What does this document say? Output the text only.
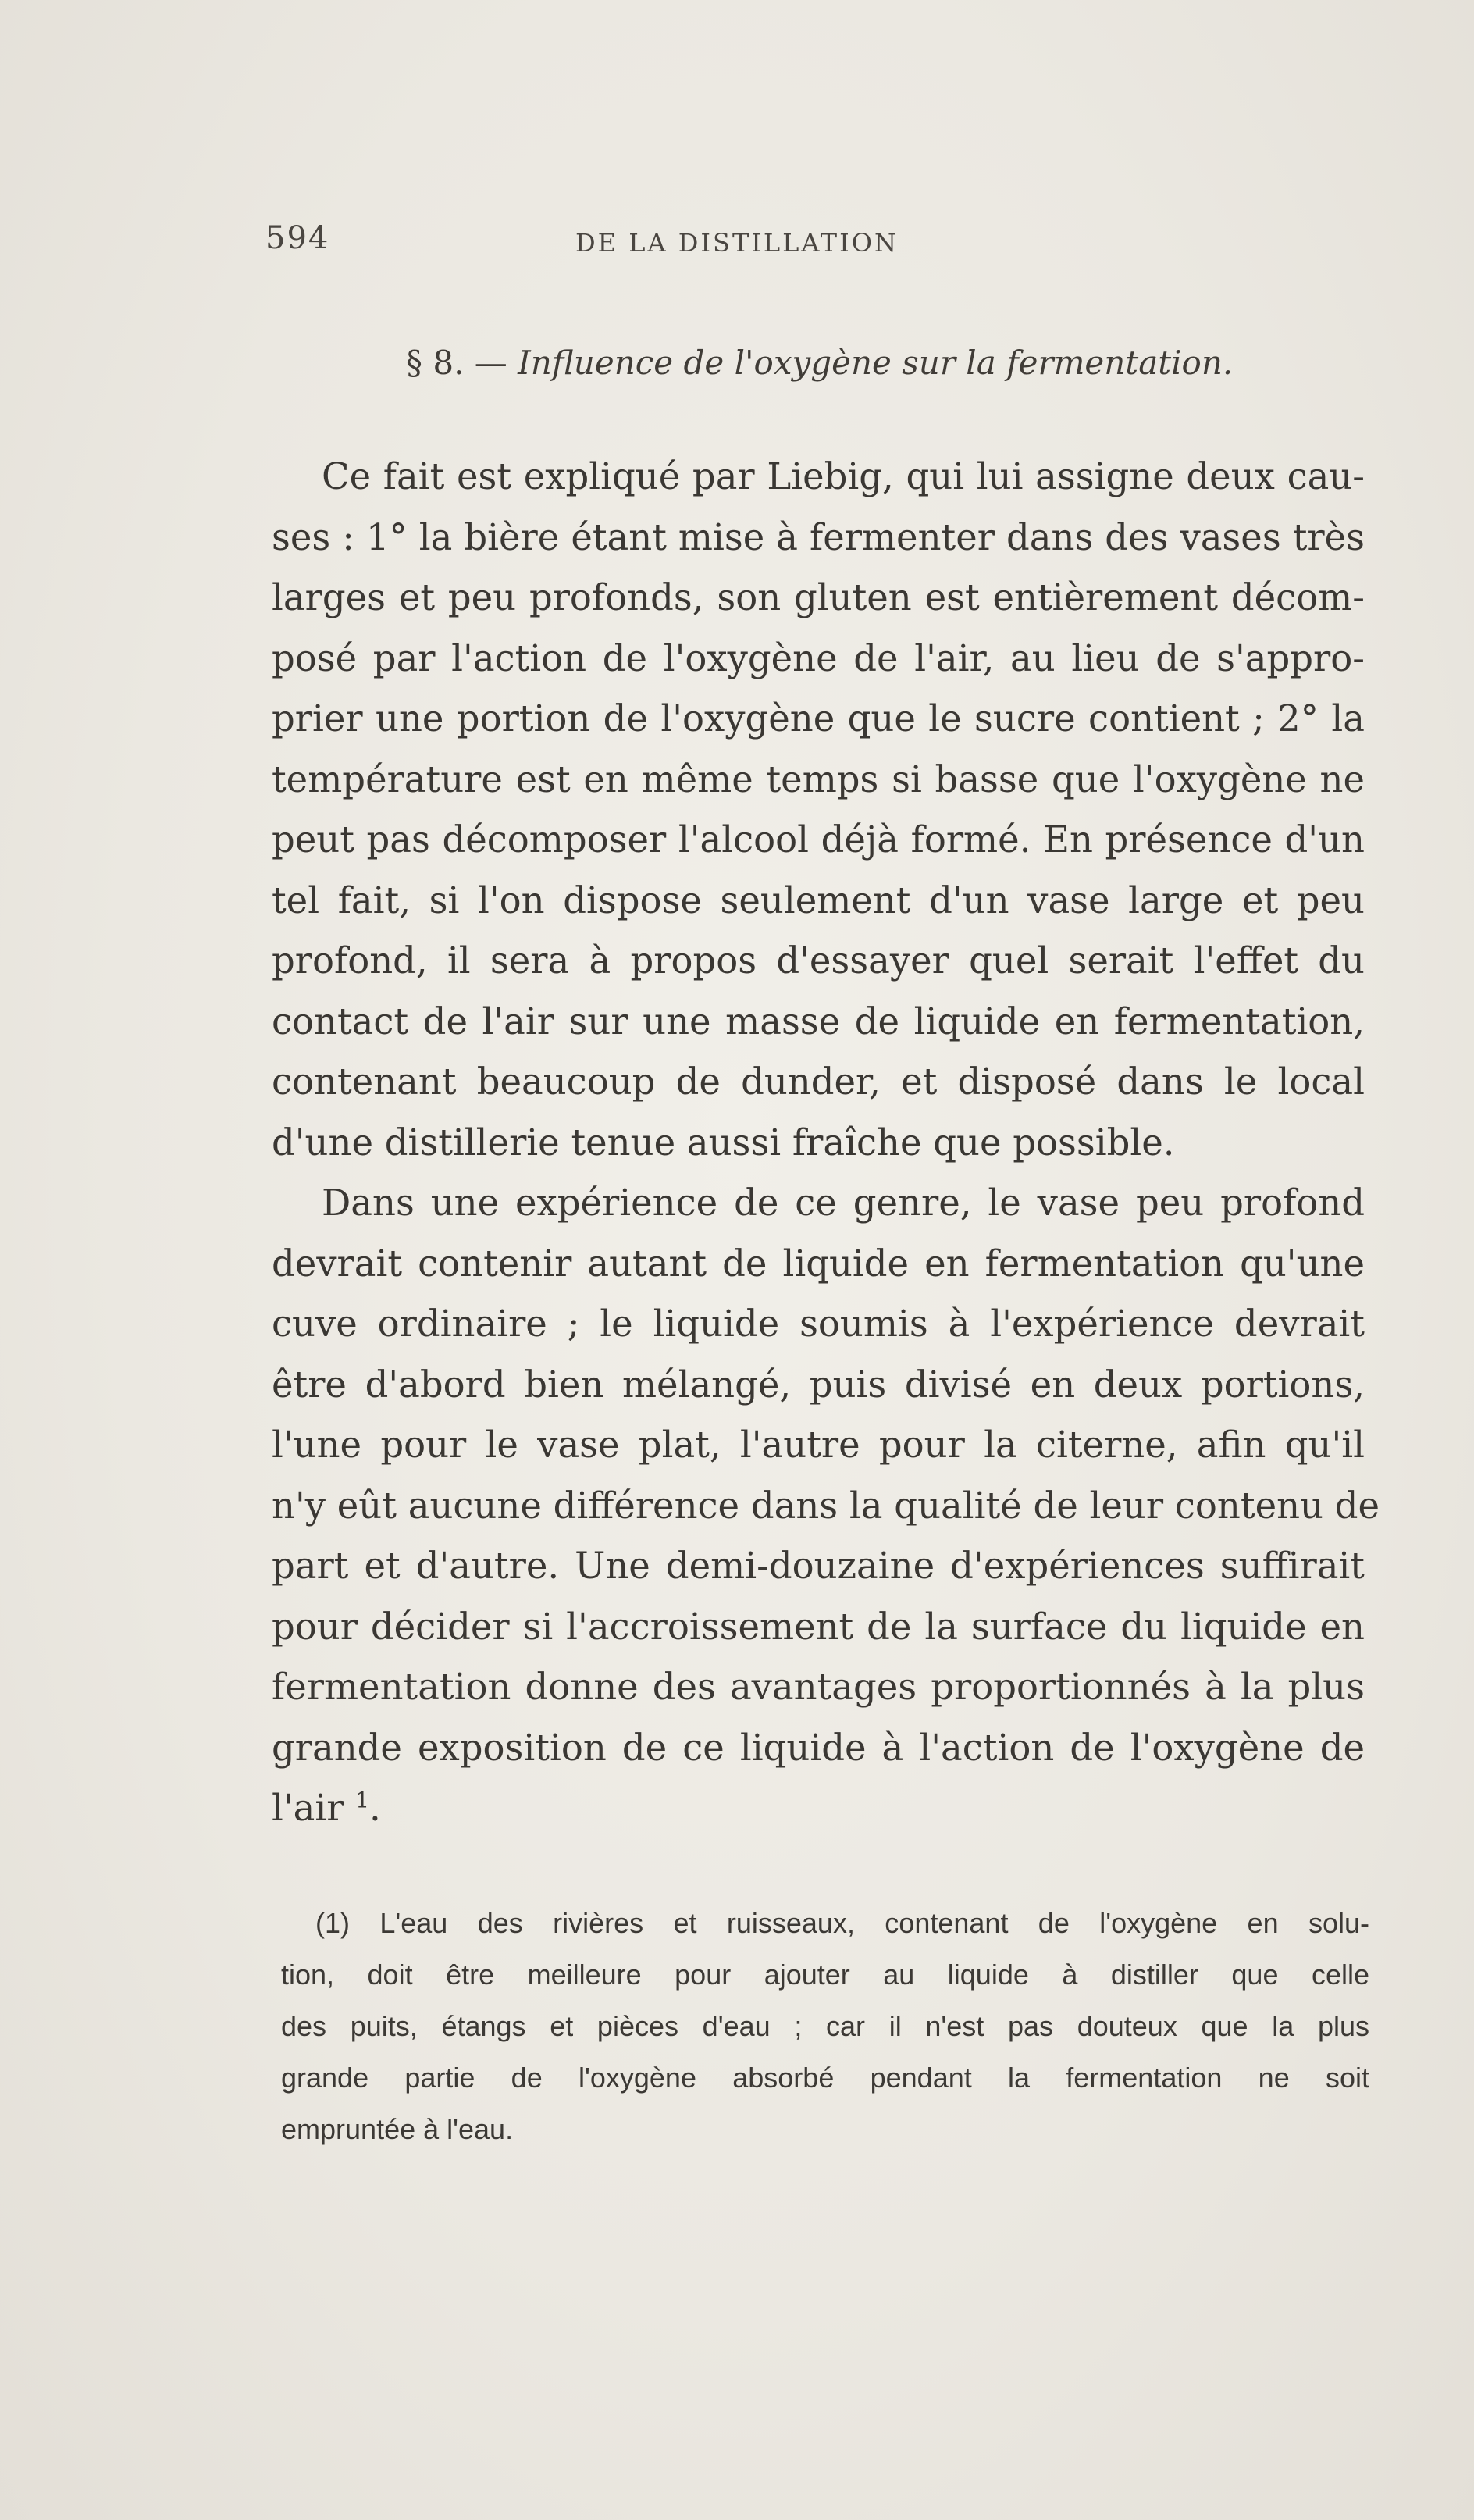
594	DE LA DISTILLATION
§ 8. — Influence de l'oxygène sur la fermentation.
Ce fait est expliqué par Liebig, qui lui assigne deux cau-
ses : 1° la bière étant mise à fermenter dans des vases très
larges et peu profonds, son gluten est entièrement décom-
posé par l'action de l'oxygène de l'air, au lieu de s'appro-
prier une portion de l'oxygène que le sucre contient ; 2° la
température est en même temps si basse que l'oxygène ne
peut pas décomposer l'alcool déjà formé. En présence d'un
tel fait, si l'on dispose seulement d'un vase large et peu
profond, il sera à propos d'essayer quel serait l'effet du
contact de l'air sur une masse de liquide en fermentation,
contenant beaucoup de dunder, et disposé dans le local
d'une distillerie tenue aussi fraîche que possible.
Dans une expérience de ce genre, le vase peu profond
devrait contenir autant de liquide en fermentation qu'une
cuve ordinaire ; le liquide soumis à l'expérience devrait
être d'abord bien mélangé, puis divisé en deux portions,
l'une pour le vase plat, l'autre pour la citerne, afin qu'il
n'y eût aucune différence dans la qualité de leur contenu de
part et d'autre. Une demi-douzaine d'expériences suffirait
pour décider si l'accroissement de la surface du liquide en
fermentation donne des avantages proportionnés à la plus
grande exposition de ce liquide à l'action de l'oxygène de
l'air $^1$.
(1) L'eau des rivières et ruisseaux, contenant de l'oxygène en solu-
tion, doit être meilleure pour ajouter au liquide à distiller que celle
des puits, étangs et pièces d'eau ; car il n'est pas douteux que la plus
grande partie de l'oxygène absorbé pendant la fermentation ne soit
empruntée à l'eau.
